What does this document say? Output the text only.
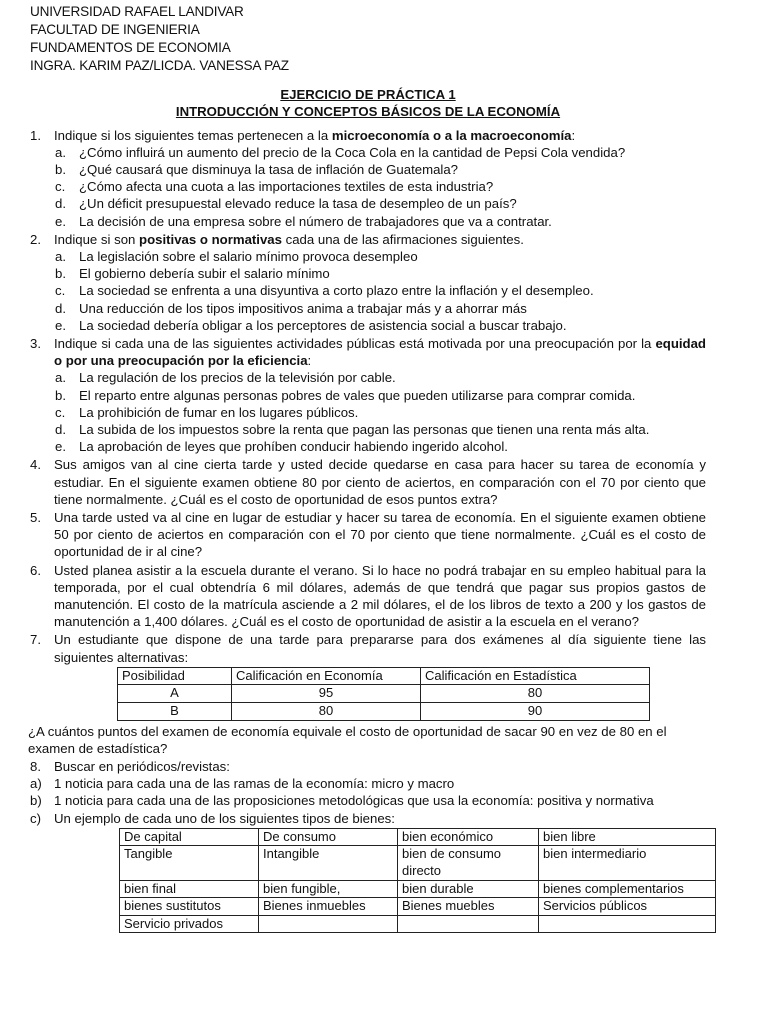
UNIVERSIDAD RAFAEL LANDIVAR
FACULTAD DE INGENIERIA
FUNDAMENTOS DE ECONOMIA
INGRA. KARIM PAZ/LICDA. VANESSA PAZ
EJERCICIO DE PRÁCTICA 1
INTRODUCCIÓN Y CONCEPTOS BÁSICOS DE LA ECONOMÍA
1. Indique si los siguientes temas pertenecen a la microeconomía o a la macroeconomía:
a. ¿Cómo influirá un aumento del precio de la Coca Cola en la cantidad de Pepsi Cola vendida?
b. ¿Qué causará que disminuya la tasa de inflación de Guatemala?
c.	¿Cómo afecta una cuota a las importaciones textiles de esta industria?
d. ¿Un déficit presupuestal elevado reduce la tasa de desempleo de un país?
e. La decisión de una empresa sobre el número de trabajadores que va a contratar.
2. Indique si son positivas o normativas cada una de las afirmaciones siguientes.
a. La legislación sobre el salario mínimo provoca desempleo
b. El gobierno debería subir el salario mínimo
c.	La sociedad se enfrenta a una disyuntiva a corto plazo entre la inflación y el desempleo.
d. Una reducción de los tipos impositivos anima a trabajar más y a ahorrar más
e. La sociedad debería obligar a los perceptores de asistencia social a buscar trabajo.
3. Indique si cada una de las siguientes actividades públicas está motivada por una preocupación por la equidad o por una preocupación por la eficiencia:
a. La regulación de los precios de la televisión por cable.
b. El reparto entre algunas personas pobres de vales que pueden utilizarse para comprar comida.
c.	La prohibición de fumar en los lugares públicos.
d. La subida de los impuestos sobre la renta que pagan las personas que tienen una renta más alta.
e. La aprobación de leyes que prohíben conducir habiendo ingerido alcohol.
4. Sus amigos van al cine cierta tarde y usted decide quedarse en casa para hacer su tarea de economía y estudiar. En el siguiente examen obtiene 80 por ciento de aciertos, en comparación con el 70 por ciento que tiene normalmente. ¿Cuál es el costo de oportunidad de esos puntos extra?
5. Una tarde usted va al cine en lugar de estudiar y hacer su tarea de economía. En el siguiente examen obtiene 50 por ciento de aciertos en comparación con el 70 por ciento que tiene normalmente. ¿Cuál es el costo de oportunidad de ir al cine?
6. Usted planea asistir a la escuela durante el verano. Si lo hace no podrá trabajar en su empleo habitual para la temporada, por el cual obtendría 6 mil dólares, además de que tendrá que pagar sus propios gastos de manutención. El costo de la matrícula asciende a 2 mil dólares, el de los libros de texto a 200 y los gastos de manutención a 1,400 dólares. ¿Cuál es el costo de oportunidad de asistir a la escuela en el verano?
7. Un estudiante que dispone de una tarde para prepararse para dos exámenes al día siguiente tiene las siguientes alternativas:
Posibilidad	Calificación en Economía	Calificación en Estadística
A	95	80
B	80	90
¿A cuántos puntos del examen de economía equivale el costo de oportunidad de sacar 90 en vez de 80 en el examen de estadística?
8. Buscar en periódicos/revistas:
a) 1 noticia para cada una de las ramas de la economía: micro y macro
b) 1 noticia para cada una de las proposiciones metodológicas que usa la economía: positiva y normativa
c) Un ejemplo de cada uno de los siguientes tipos de bienes:
De capital	De consumo	bien económico	bien libre
Tangible	Intangible	bien de consumo directo	bien intermediario
bien final	bien fungible,	bien durable	bienes complementarios
bienes sustitutos	Bienes inmuebles	Bienes muebles	Servicios públicos
Servicio privados			
